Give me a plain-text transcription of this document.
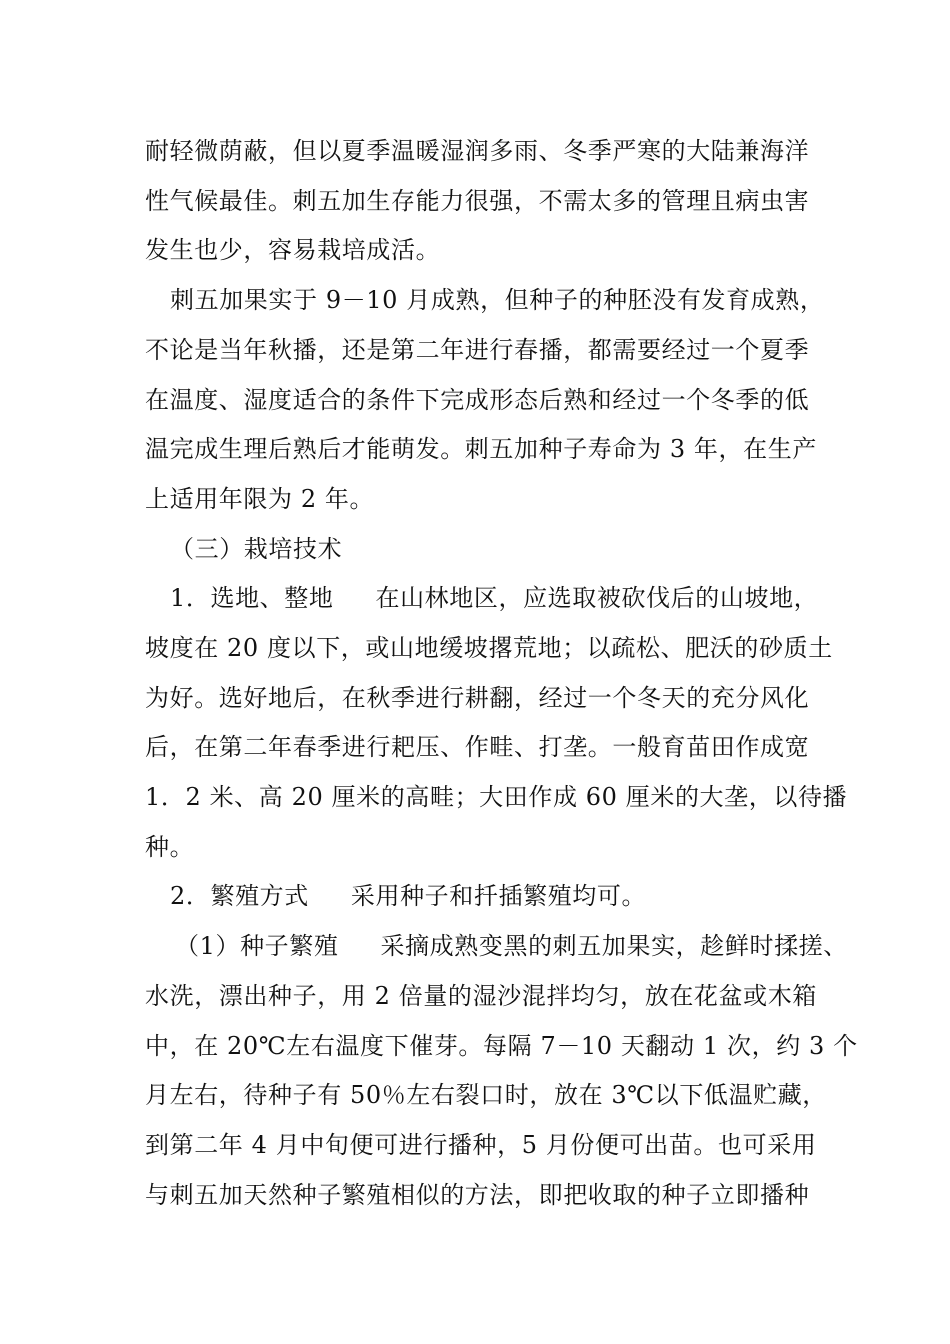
耐轻微荫蔽，但以夏季温暖湿润多雨、冬季严寒的大陆兼海洋
性气候最佳。刺五加生存能力很强，不需太多的管理且病虫害
发生也少，容易栽培成活。
刺五加果实于 9－10 月成熟，但种子的种胚没有发育成熟，
不论是当年秋播，还是第二年进行春播，都需要经过一个夏季
在温度、湿度适合的条件下完成形态后熟和经过一个冬季的低
温完成生理后熟后才能萌发。刺五加种子寿命为 3 年，在生产
上适用年限为 2 年。
（三）栽培技术
1．选地、整地 在山林地区，应选取被砍伐后的山坡地，
坡度在 20 度以下，或山地缓坡撂荒地；以疏松、肥沃的砂质土
为好。选好地后，在秋季进行耕翻，经过一个冬天的充分风化
后，在第二年春季进行耙压、作畦、打垄。一般育苗田作成宽
1．2 米、高 20 厘米的高畦；大田作成 60 厘米的大垄，以待播
种。
2．繁殖方式 采用种子和扦插繁殖均可。
（1）种子繁殖 采摘成熟变黑的刺五加果实，趁鲜时揉搓、
水洗，漂出种子，用 2 倍量的湿沙混拌均匀，放在花盆或木箱
中，在 20℃左右温度下催芽。每隔 7－10 天翻动 1 次，约 3 个
月左右，待种子有 50％左右裂口时，放在 3℃以下低温贮藏，
到第二年 4 月中旬便可进行播种，5 月份便可出苗。也可采用
与刺五加天然种子繁殖相似的方法，即把收取的种子立即播种
